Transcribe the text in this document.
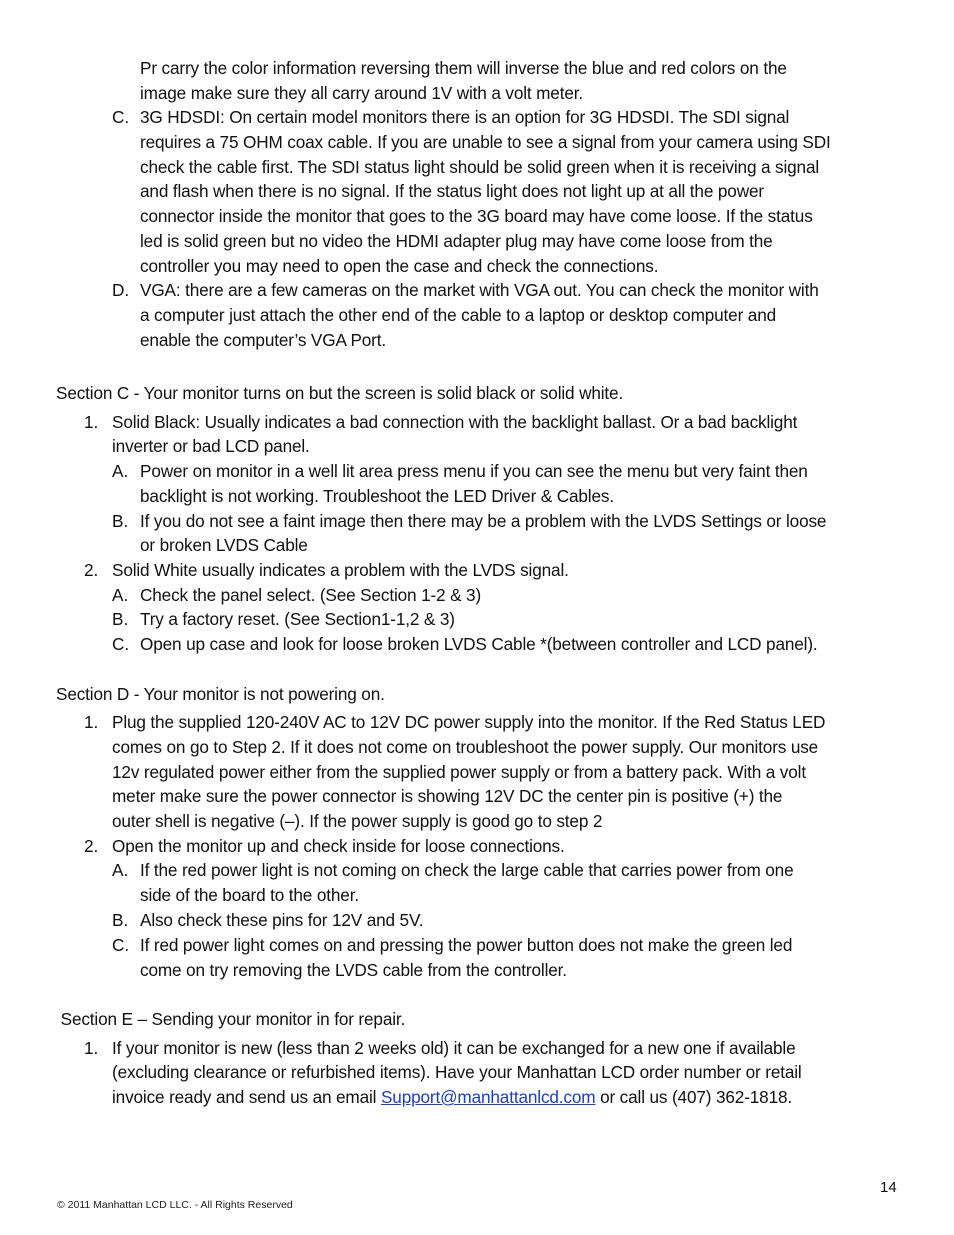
Pr carry the color information reversing them will inverse the blue and red colors on the
image make sure they all carry around 1V with a volt meter.
C. 3G HDSDI: On certain model monitors there is an option for 3G HDSDI. The SDI signal
requires a 75 OHM coax cable. If you are unable to see a signal from your camera using SDI
check the cable first. The SDI status light should be solid green when it is receiving a signal
and flash when there is no signal. If the status light does not light up at all the power
connector inside the monitor that goes to the 3G board may have come loose. If the status
led is solid green but no video the HDMI adapter plug may have come loose from the
controller you may need to open the case and check the connections.
D. VGA: there are a few cameras on the market with VGA out. You can check the monitor with
a computer just attach the other end of the cable to a laptop or desktop computer and
enable the computer’s VGA Port.
Section C - Your monitor turns on but the screen is solid black or solid white.
1. Solid Black: Usually indicates a bad connection with the backlight ballast. Or a bad backlight
inverter or bad LCD panel.
A. Power on monitor in a well lit area press menu if you can see the menu but very faint then
backlight is not working. Troubleshoot the LED Driver & Cables.
B. If you do not see a faint image then there may be a problem with the LVDS Settings or loose
or broken LVDS Cable
2. Solid White usually indicates a problem with the LVDS signal.
A. Check the panel select. (See Section 1-2 & 3)
B. Try a factory reset. (See Section1-1,2 & 3)
C. Open up case and look for loose broken LVDS Cable *(between controller and LCD panel).
Section D - Your monitor is not powering on.
1. Plug the supplied 120-240V AC to 12V DC power supply into the monitor. If the Red Status LED
comes on go to Step 2. If it does not come on troubleshoot the power supply. Our monitors use
12v regulated power either from the supplied power supply or from a battery pack. With a volt
meter make sure the power connector is showing 12V DC the center pin is positive (+) the
outer shell is negative (–). If the power supply is good go to step 2
2. Open the monitor up and check inside for loose connections.
A. If the red power light is not coming on check the large cable that carries power from one
side of the board to the other.
B. Also check these pins for 12V and 5V.
C. If red power light comes on and pressing the power button does not make the green led
come on try removing the LVDS cable from the controller.
Section E – Sending your monitor in for repair.
1. If your monitor is new (less than 2 weeks old) it can be exchanged for a new one if available
(excluding clearance or refurbished items). Have your Manhattan LCD order number or retail
invoice ready and send us an email Support@manhattanlcd.com or call us (407) 362-1818.
14
© 2011 Manhattan LCD LLC. - All Rights Reserved
